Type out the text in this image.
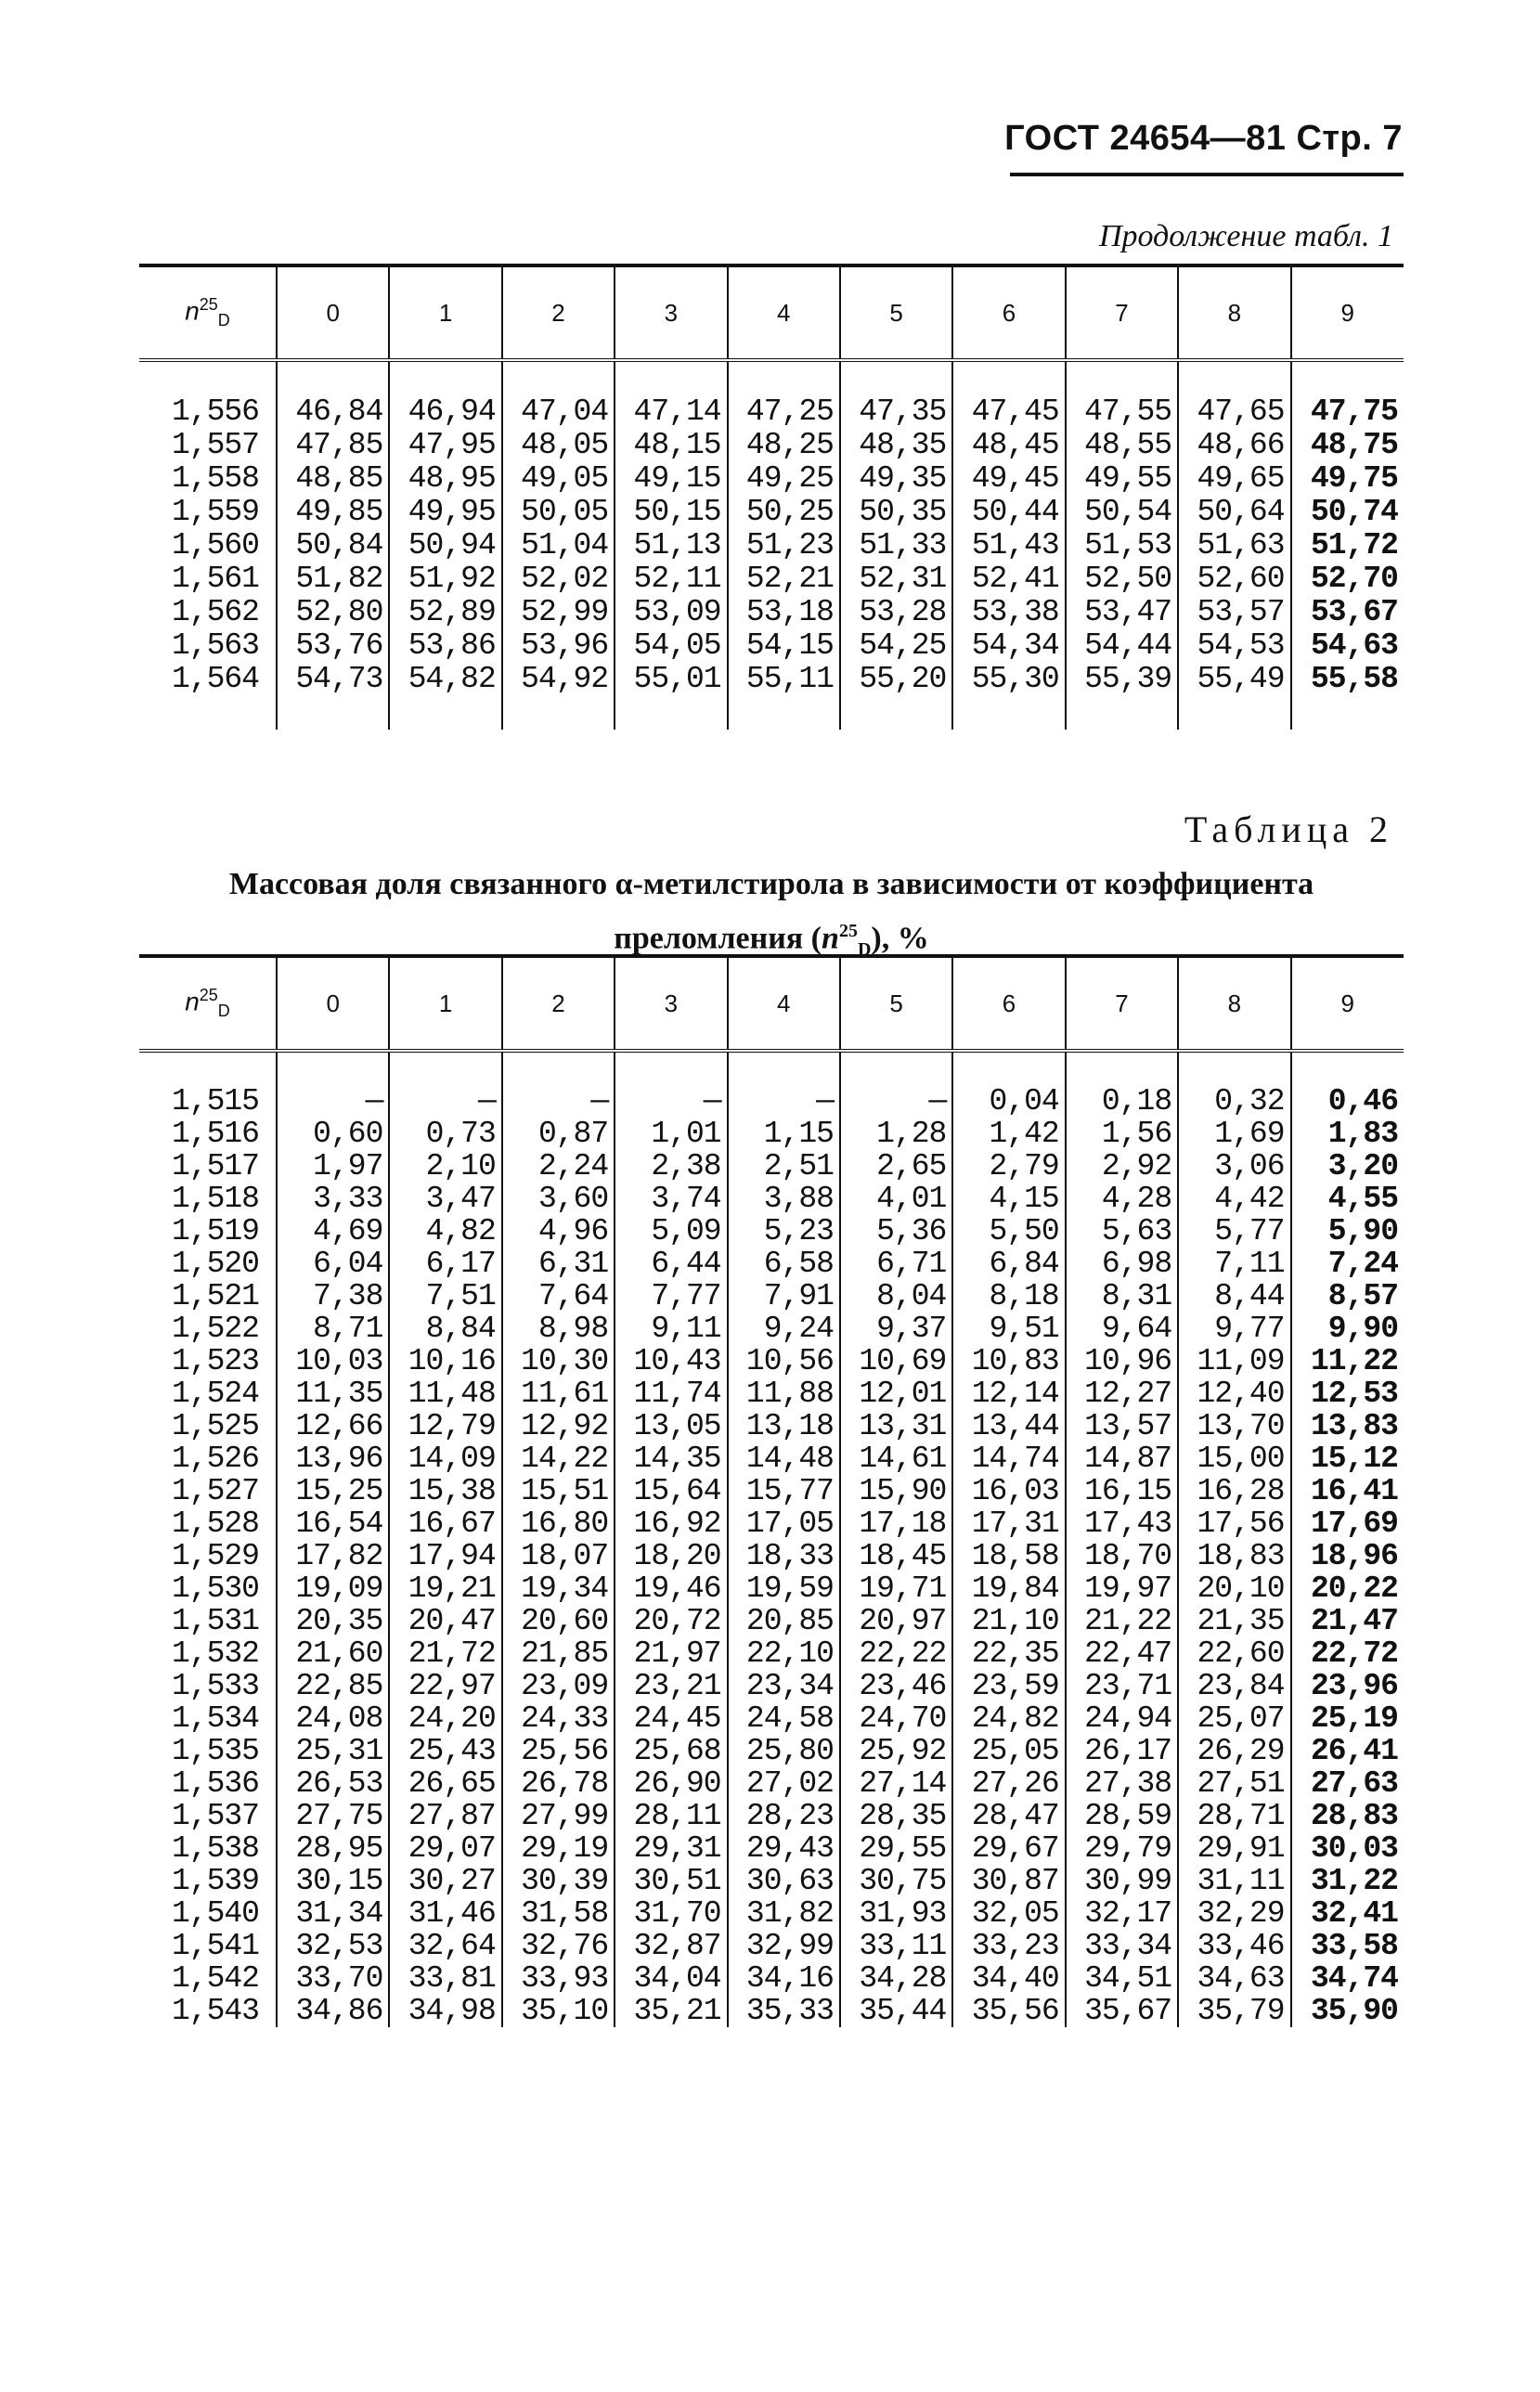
ГОСТ 24654—81 Стр. 7
Продолжение табл. 1
$n^{25}_D$	0	1	2	3	4	5	6	7	8	9

1,556	46,84	46,94	47,04	47,14	47,25	47,35	47,45	47,55	47,65	47,75
1,557	47,85	47,95	48,05	48,15	48,25	48,35	48,45	48,55	48,66	48,75
1,558	48,85	48,95	49,05	49,15	49,25	49,35	49,45	49,55	49,65	49,75
1,559	49,85	49,95	50,05	50,15	50,25	50,35	50,44	50,54	50,64	50,74
1,560	50,84	50,94	51,04	51,13	51,23	51,33	51,43	51,53	51,63	51,72
1,561	51,82	51,92	52,02	52,11	52,21	52,31	52,41	52,50	52,60	52,70
1,562	52,80	52,89	52,99	53,09	53,18	53,28	53,38	53,47	53,57	53,67
1,563	53,76	53,86	53,96	54,05	54,15	54,25	54,34	54,44	54,53	54,63
1,564	54,73	54,82	54,92	55,01	55,11	55,20	55,30	55,39	55,49	55,58

Таблица 2
Массовая доля связанного α-метилстирола в зависимости от коэффициента
преломления $(n^{25}_D)$, %
$n^{25}_D$	0	1	2	3	4	5	6	7	8	9

1,515	—	—	—	—	—	—	0,04	0,18	0,32	0,46
1,516	0,60	0,73	0,87	1,01	1,15	1,28	1,42	1,56	1,69	1,83
1,517	1,97	2,10	2,24	2,38	2,51	2,65	2,79	2,92	3,06	3,20
1,518	3,33	3,47	3,60	3,74	3,88	4,01	4,15	4,28	4,42	4,55
1,519	4,69	4,82	4,96	5,09	5,23	5,36	5,50	5,63	5,77	5,90
1,520	6,04	6,17	6,31	6,44	6,58	6,71	6,84	6,98	7,11	7,24
1,521	7,38	7,51	7,64	7,77	7,91	8,04	8,18	8,31	8,44	8,57
1,522	8,71	8,84	8,98	9,11	9,24	9,37	9,51	9,64	9,77	9,90
1,523	10,03	10,16	10,30	10,43	10,56	10,69	10,83	10,96	11,09	11,22
1,524	11,35	11,48	11,61	11,74	11,88	12,01	12,14	12,27	12,40	12,53
1,525	12,66	12,79	12,92	13,05	13,18	13,31	13,44	13,57	13,70	13,83
1,526	13,96	14,09	14,22	14,35	14,48	14,61	14,74	14,87	15,00	15,12
1,527	15,25	15,38	15,51	15,64	15,77	15,90	16,03	16,15	16,28	16,41
1,528	16,54	16,67	16,80	16,92	17,05	17,18	17,31	17,43	17,56	17,69
1,529	17,82	17,94	18,07	18,20	18,33	18,45	18,58	18,70	18,83	18,96
1,530	19,09	19,21	19,34	19,46	19,59	19,71	19,84	19,97	20,10	20,22
1,531	20,35	20,47	20,60	20,72	20,85	20,97	21,10	21,22	21,35	21,47
1,532	21,60	21,72	21,85	21,97	22,10	22,22	22,35	22,47	22,60	22,72
1,533	22,85	22,97	23,09	23,21	23,34	23,46	23,59	23,71	23,84	23,96
1,534	24,08	24,20	24,33	24,45	24,58	24,70	24,82	24,94	25,07	25,19
1,535	25,31	25,43	25,56	25,68	25,80	25,92	25,05	26,17	26,29	26,41
1,536	26,53	26,65	26,78	26,90	27,02	27,14	27,26	27,38	27,51	27,63
1,537	27,75	27,87	27,99	28,11	28,23	28,35	28,47	28,59	28,71	28,83
1,538	28,95	29,07	29,19	29,31	29,43	29,55	29,67	29,79	29,91	30,03
1,539	30,15	30,27	30,39	30,51	30,63	30,75	30,87	30,99	31,11	31,22
1,540	31,34	31,46	31,58	31,70	31,82	31,93	32,05	32,17	32,29	32,41
1,541	32,53	32,64	32,76	32,87	32,99	33,11	33,23	33,34	33,46	33,58
1,542	33,70	33,81	33,93	34,04	34,16	34,28	34,40	34,51	34,63	34,74
1,543	34,86	34,98	35,10	35,21	35,33	35,44	35,56	35,67	35,79	35,90
